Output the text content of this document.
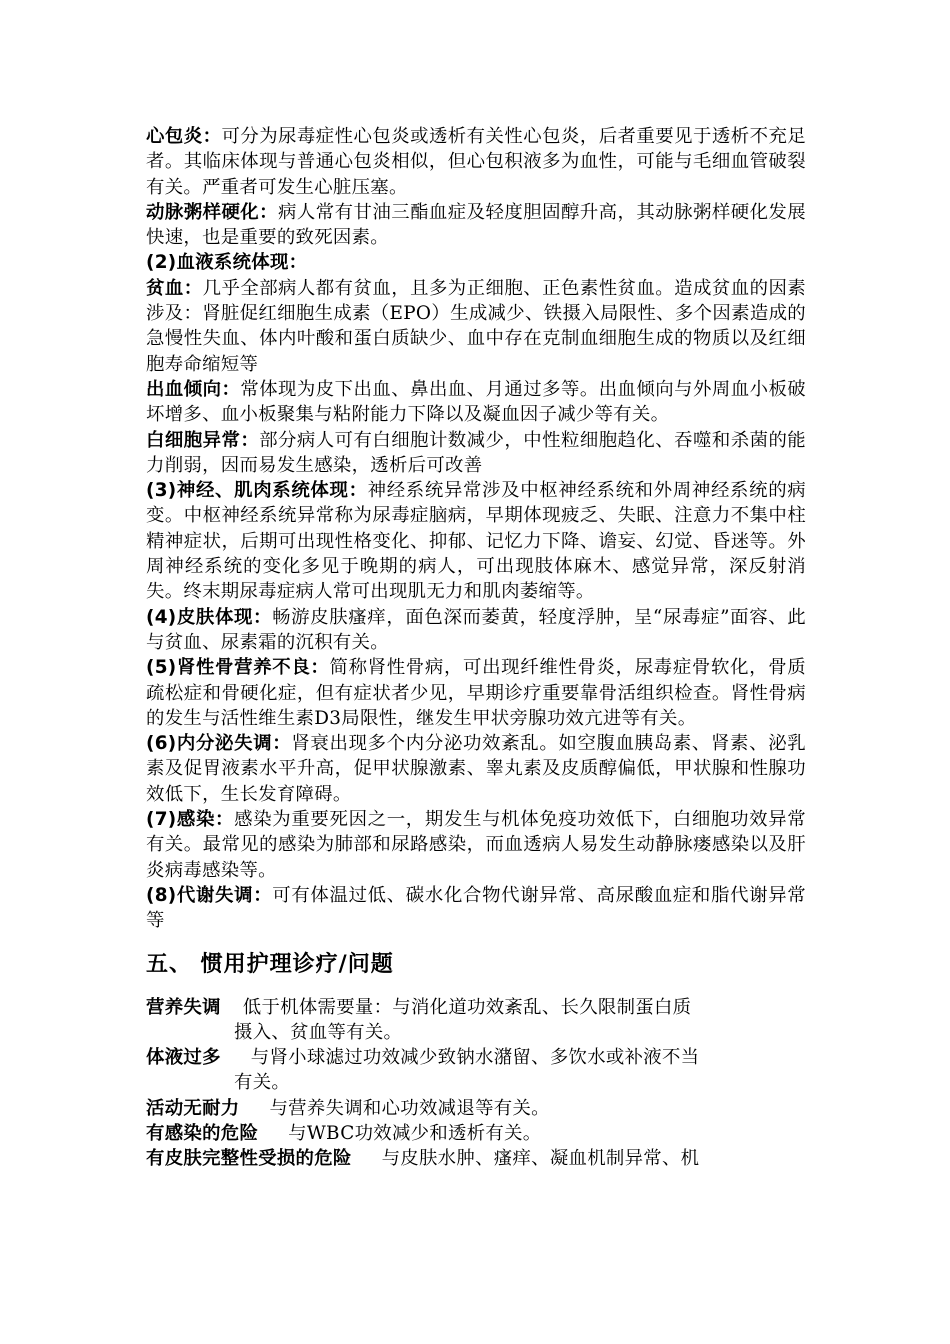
心包炎：可分为尿毒症性心包炎或透析有关性心包炎，后者重要见于透析不充足者。其临床体现与普通心包炎相似，但心包积液多为血性，可能与毛细血管破裂有关。严重者可发生心脏压塞。

动脉粥样硬化：病人常有甘油三酯血症及轻度胆固醇升高，其动脉粥样硬化发展快速，也是重要的致死因素。

(2)血液系统体现：

贫血：几乎全部病人都有贫血，且多为正细胞、正色素性贫血。造成贫血的因素涉及：肾脏促红细胞生成素（EPO）生成减少、铁摄入局限性、多个因素造成的急慢性失血、体内叶酸和蛋白质缺少、血中存在克制血细胞生成的物质以及红细胞寿命缩短等

出血倾向：常体现为皮下出血、鼻出血、月通过多等。出血倾向与外周血小板破坏增多、血小板聚集与粘附能力下降以及凝血因子减少等有关。

白细胞异常：部分病人可有白细胞计数减少，中性粒细胞趋化、吞噬和杀菌的能力削弱，因而易发生感染，透析后可改善

(3)神经、肌肉系统体现：神经系统异常涉及中枢神经系统和外周神经系统的病变。中枢神经系统异常称为尿毒症脑病，早期体现疲乏、失眠、注意力不集中柱精神症状，后期可出现性格变化、抑郁、记忆力下降、谵妄、幻觉、昏迷等。外周神经系统的变化多见于晚期的病人，可出现肢体麻木、感觉异常，深反射消失。终末期尿毒症病人常可出现肌无力和肌肉萎缩等。

(4)皮肤体现：畅游皮肤瘙痒，面色深而萎黄，轻度浮肿，呈“尿毒症”面容、此与贫血、尿素霜的沉积有关。

(5)肾性骨营养不良：简称肾性骨病，可出现纤维性骨炎，尿毒症骨软化，骨质疏松症和骨硬化症，但有症状者少见，早期诊疗重要靠骨活组织检查。肾性骨病的发生与活性维生素D3局限性，继发生甲状旁腺功效亢进等有关。

(6)内分泌失调：肾衰出现多个内分泌功效紊乱。如空腹血胰岛素、肾素、泌乳素及促胃液素水平升高，促甲状腺激素、睾丸素及皮质醇偏低，甲状腺和性腺功效低下，生长发育障碍。

(7)感染：感染为重要死因之一，期发生与机体免疫功效低下，白细胞功效异常有关。最常见的感染为肺部和尿路感染，而血透病人易发生动静脉瘘感染以及肝炎病毒感染等。

(8)代谢失调：可有体温过低、碳水化合物代谢异常、高尿酸血症和脂代谢异常等

五、 惯用护理诊疗/问题

营养失调 低于机体需要量：与消化道功效紊乱、长久限制蛋白质
摄入、贫血等有关。

体液过多 与肾小球滤过功效减少致钠水潴留、多饮水或补液不当
有关。

活动无耐力 与营养失调和心功效减退等有关。

有感染的危险 与WBC功效减少和透析有关。

有皮肤完整性受损的危险 与皮肤水肿、瘙痒、凝血机制异常、机
